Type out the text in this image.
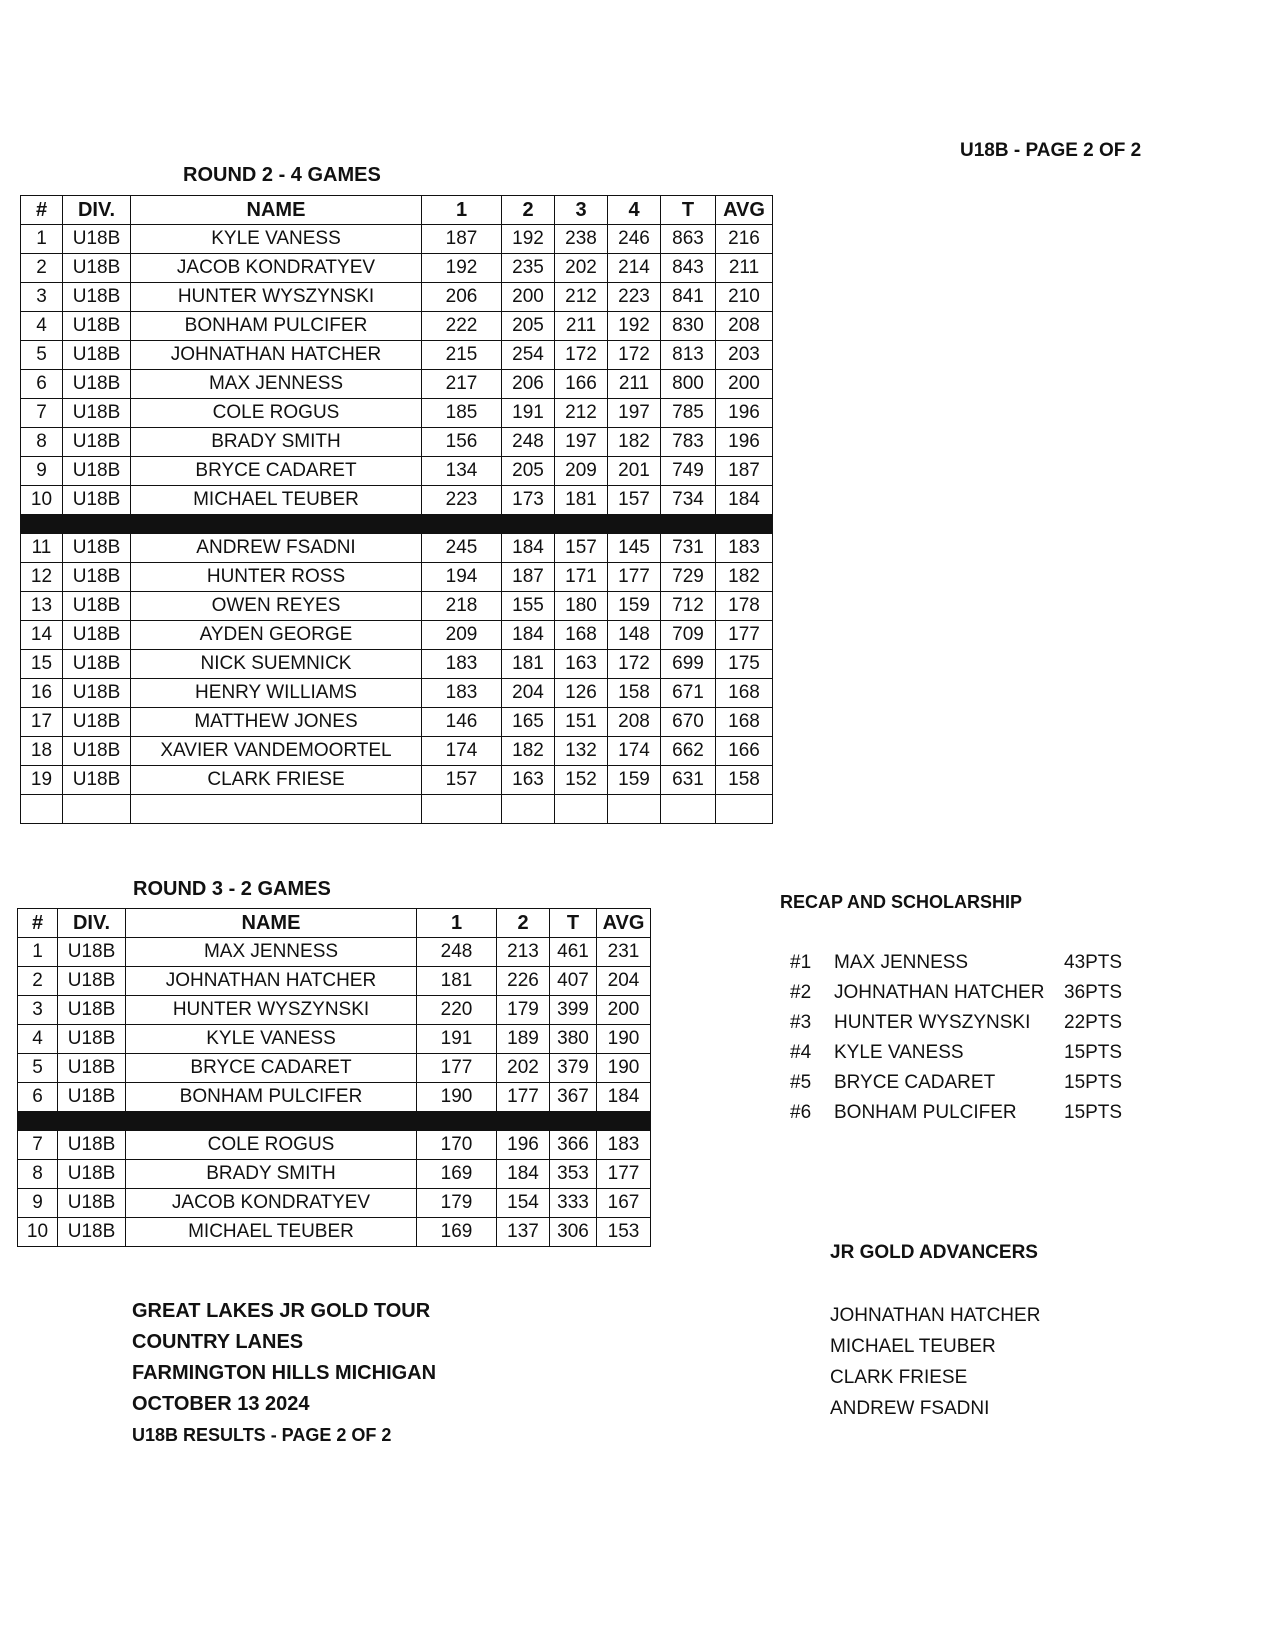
U18B - PAGE 2 OF 2
ROUND 2 - 4 GAMES
#	DIV.	NAME	1	2	3	4	T	AVG
1	U18B	KYLE VANESS	187	192	238	246	863	216
2	U18B	JACOB KONDRATYEV	192	235	202	214	843	211
3	U18B	HUNTER WYSZYNSKI	206	200	212	223	841	210
4	U18B	BONHAM PULCIFER	222	205	211	192	830	208
5	U18B	JOHNATHAN HATCHER	215	254	172	172	813	203
6	U18B	MAX JENNESS	217	206	166	211	800	200
7	U18B	COLE ROGUS	185	191	212	197	785	196
8	U18B	BRADY SMITH	156	248	197	182	783	196
9	U18B	BRYCE CADARET	134	205	209	201	749	187
10	U18B	MICHAEL TEUBER	223	173	181	157	734	184

11	U18B	ANDREW FSADNI	245	184	157	145	731	183
12	U18B	HUNTER ROSS	194	187	171	177	729	182
13	U18B	OWEN REYES	218	155	180	159	712	178
14	U18B	AYDEN GEORGE	209	184	168	148	709	177
15	U18B	NICK SUEMNICK	183	181	163	172	699	175
16	U18B	HENRY WILLIAMS	183	204	126	158	671	168
17	U18B	MATTHEW JONES	146	165	151	208	670	168
18	U18B	XAVIER VANDEMOORTEL	174	182	132	174	662	166
19	U18B	CLARK FRIESE	157	163	152	159	631	158

ROUND 3 - 2 GAMES
#	DIV.	NAME	1	2	T	AVG
1	U18B	MAX JENNESS	248	213	461	231
2	U18B	JOHNATHAN HATCHER	181	226	407	204
3	U18B	HUNTER WYSZYNSKI	220	179	399	200
4	U18B	KYLE VANESS	191	189	380	190
5	U18B	BRYCE CADARET	177	202	379	190
6	U18B	BONHAM PULCIFER	190	177	367	184

7	U18B	COLE ROGUS	170	196	366	183
8	U18B	BRADY SMITH	169	184	353	177
9	U18B	JACOB KONDRATYEV	179	154	333	167
10	U18B	MICHAEL TEUBER	169	137	306	153
RECAP AND SCHOLARSHIP
#1 MAX JENNESS	43PTS
#2 JOHNATHAN HATCHER 36PTS
#3 HUNTER WYSZYNSKI 22PTS
#4 KYLE VANESS	15PTS
#5 BRYCE CADARET	15PTS
#6 BONHAM PULCIFER 15PTS
JR GOLD ADVANCERS
JOHNATHAN HATCHER
MICHAEL TEUBER
CLARK FRIESE
ANDREW FSADNI
GREAT LAKES JR GOLD TOUR
COUNTRY LANES
FARMINGTON HILLS MICHIGAN
OCTOBER 13 2024
U18B RESULTS - PAGE 2 OF 2
